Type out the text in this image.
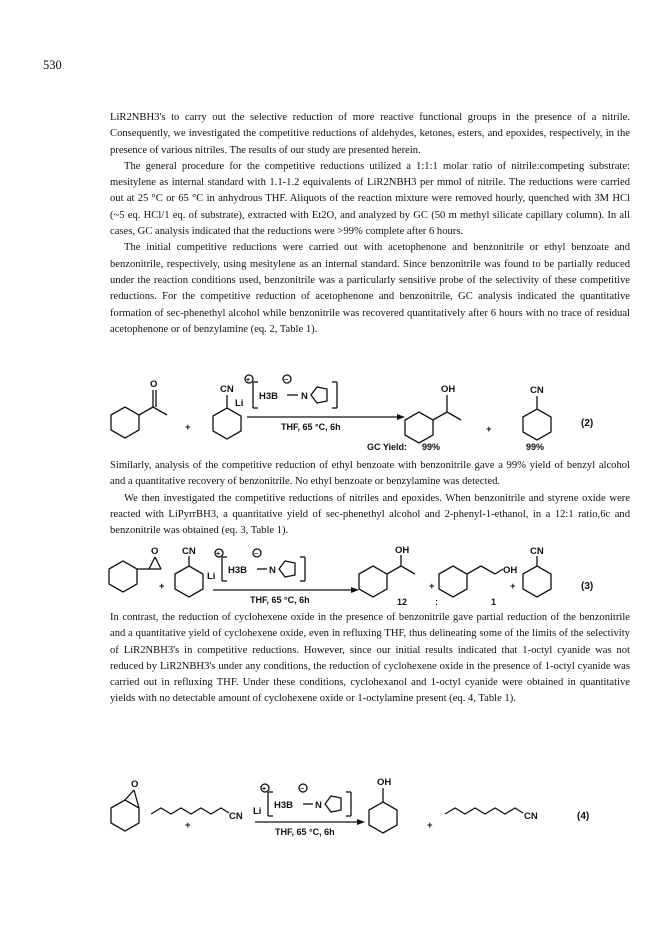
530

LiR2NBH3's to carry out the selective reduction of more reactive functional groups in the presence of a nitrile. Consequently, we investigated the competitive reductions of aldehydes, ketones, esters, and epoxides, respectively, in the presence of various nitriles. The results of our study are presented herein.

The general procedure for the competitive reductions utilized a 1:1:1 molar ratio of nitrile:competing substrate: mesitylene as internal standard with 1.1-1.2 equivalents of LiR2NBH3 per mmol of nitrile. The reductions were carried out at 25 °C or 65 °C in anhydrous THF. Aliquots of the reaction mixture were removed hourly, quenched with 3M HCl (~5 eq. HCl/1 eq. of substrate), extracted with Et2O, and analyzed by GC (50 m methyl silicate capillary column). In all cases, GC analysis indicated that the reductions were >99% complete after 6 hours.

The initial competitive reductions were carried out with acetophenone and benzonitrile or ethyl benzoate and benzonitrile, respectively, using mesitylene as an internal standard. Since benzonitrile was found to be partially reduced under the reaction conditions used, benzonitrile was a particularly sensitive probe of the selectivity of these competitive reductions. For the competitive reduction of acetophenone and benzonitrile, GC analysis indicated the quantitative formation of sec-phenethyl alcohol while benzonitrile was recovered quantitatively after 6 hours with no trace of residual acetophenone or of benzylamine (eq. 2, Table 1).

O
+
CN
Li
+
H3B
−
N
THF, 65 °C, 6h
OH
+
CN
(2)
GC Yield: 99%	99%

Similarly, analysis of the competitive reduction of ethyl benzoate with benzonitrile gave a 99% yield of benzyl alcohol and a quantitative recovery of benzonitrile. No ethyl benzoate or benzylamine was detected.

We then investigated the competitive reductions of nitriles and epoxides. When benzonitrile and styrene oxide were reacted with LiPyrrBH3, a quantitative yield of sec-phenethyl alcohol and 2-phenyl-1-ethanol, in a 12:1 ratio,6c and benzonitrile was obtained (eq. 3, Table 1).

O
+
CN
Li
+
H3B
−
N
THF, 65 °C, 6h
OH
12
+
:	1
OH
+
CN
(3)

In contrast, the reduction of cyclohexene oxide in the presence of benzonitrile gave partial reduction of the benzonitrile and a quantitative yield of cyclohexene oxide, even in refluxing THF, thus delineating some of the limits of the selectivity of LiR2NBH3's in competitive reductions. However, since our initial results indicated that 1-octyl cyanide was not reduced by LiR2NBH3's under any conditions, the reduction of cyclohexene oxide in the presence of 1-octyl cyanide was carried out in refluxing THF. Under these conditions, cyclohexanol and 1-octyl cyanide were obtained in quantitative yields with no detectable amount of cyclohexene oxide or 1-octylamine present (eq. 4, Table 1).

O
+
CN Li
+
H3B
−
N
THF, 65 °C, 6h
OH
+
CN	(4)
